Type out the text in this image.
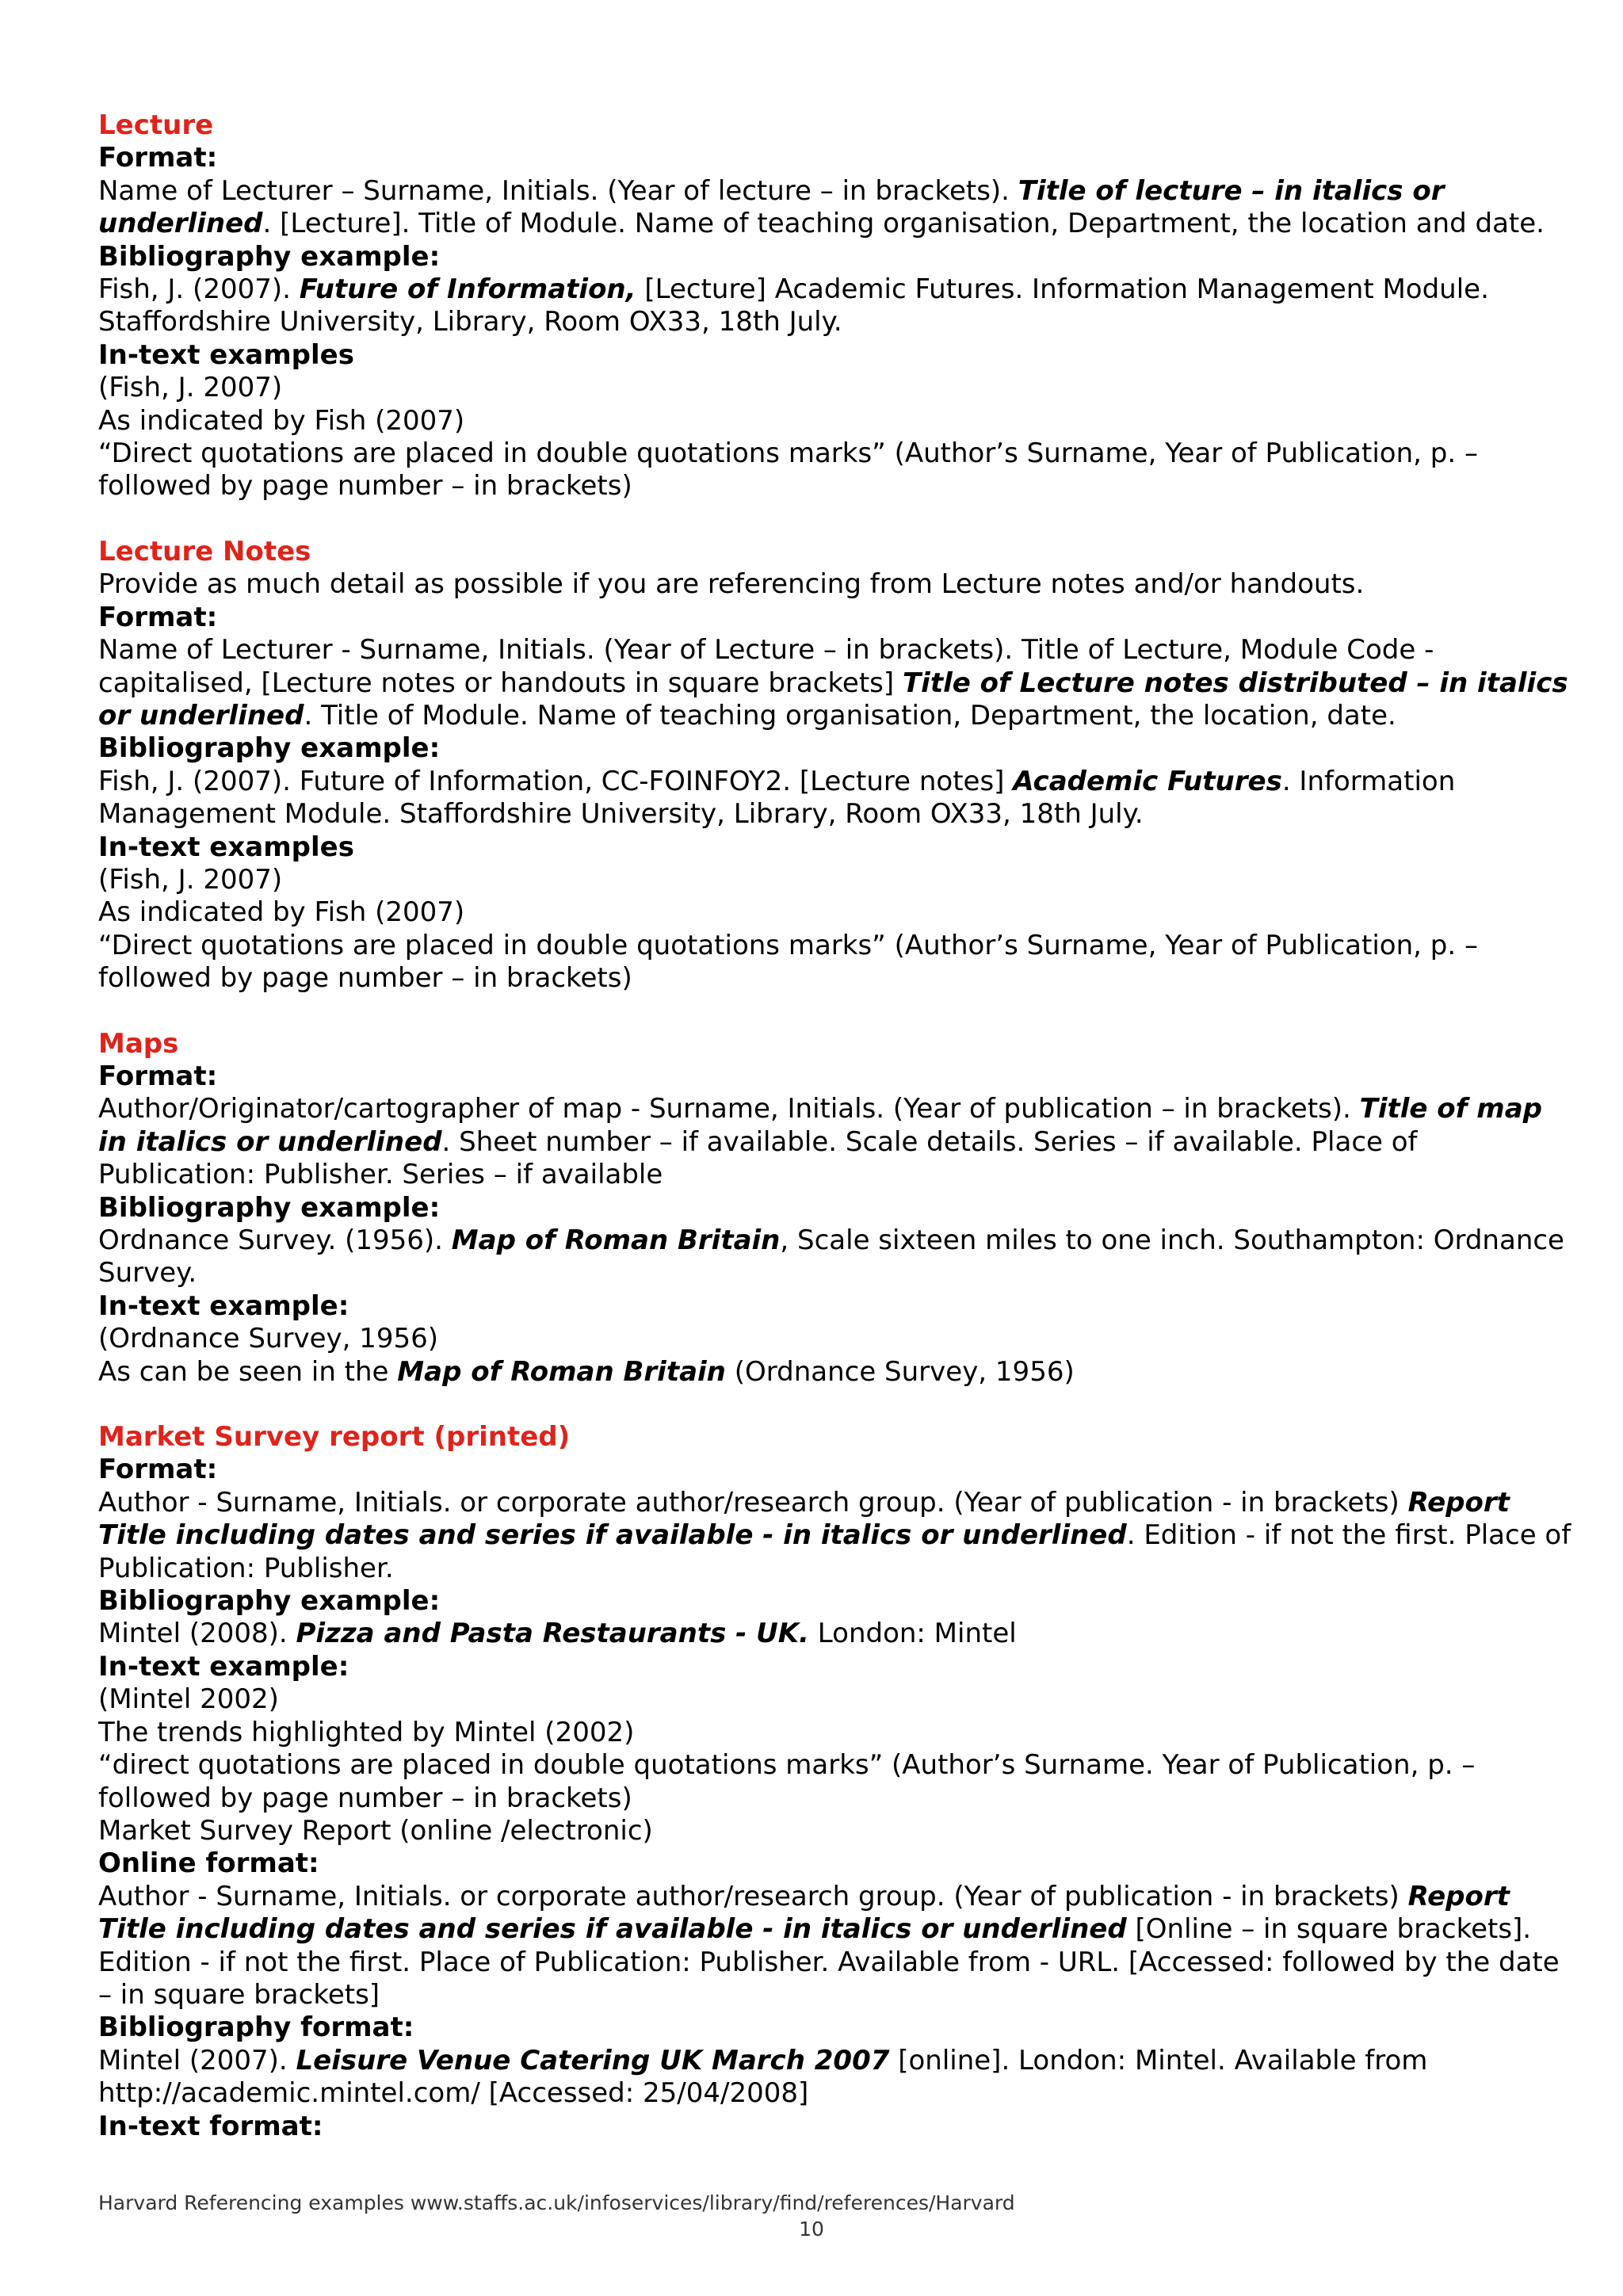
Lecture
Format:
Name of Lecturer – Surname, Initials. (Year of lecture – in brackets). Title of lecture – in italics or underlined. [Lecture]. Title of Module. Name of teaching organisation, Department, the location and date.
Bibliography example:
Fish, J. (2007). Future of Information, [Lecture] Academic Futures. Information Management Module. Staffordshire University, Library, Room OX33, 18th July.
In-text examples
(Fish, J. 2007)
As indicated by Fish (2007)
“Direct quotations are placed in double quotations marks” (Author’s Surname, Year of Publication, p. – followed by page number – in brackets)
Lecture Notes
Provide as much detail as possible if you are referencing from Lecture notes and/or handouts.
Format:
Name of Lecturer - Surname, Initials. (Year of Lecture – in brackets). Title of Lecture, Module Code - capitalised, [Lecture notes or handouts in square brackets] Title of Lecture notes distributed – in italics or underlined. Title of Module. Name of teaching organisation, Department, the location, date.
Bibliography example:
Fish, J. (2007). Future of Information, CC-FOINFOY2. [Lecture notes] Academic Futures. Information Management Module. Staffordshire University, Library, Room OX33, 18th July.
In-text examples
(Fish, J. 2007)
As indicated by Fish (2007)
“Direct quotations are placed in double quotations marks” (Author’s Surname, Year of Publication, p. – followed by page number – in brackets)
Maps
Format:
Author/Originator/cartographer of map - Surname, Initials. (Year of publication – in brackets). Title of map in italics or underlined. Sheet number – if available. Scale details. Series – if available. Place of Publication: Publisher. Series – if available
Bibliography example:
Ordnance Survey. (1956). Map of Roman Britain, Scale sixteen miles to one inch. Southampton: Ordnance Survey.
In-text example:
(Ordnance Survey, 1956)
As can be seen in the Map of Roman Britain (Ordnance Survey, 1956)
Market Survey report (printed)
Format:
Author - Surname, Initials. or corporate author/research group. (Year of publication - in brackets) Report Title including dates and series if available - in italics or underlined. Edition - if not the first. Place of Publication: Publisher.
Bibliography example:
Mintel (2008). Pizza and Pasta Restaurants - UK. London: Mintel
In-text example:
(Mintel 2002)
The trends highlighted by Mintel (2002)
“direct quotations are placed in double quotations marks” (Author’s Surname. Year of Publication, p. – followed by page number – in brackets)
Market Survey Report (online /electronic)
Online format:
Author - Surname, Initials. or corporate author/research group. (Year of publication - in brackets) Report Title including dates and series if available - in italics or underlined [Online – in square brackets]. Edition - if not the first. Place of Publication: Publisher. Available from - URL. [Accessed: followed by the date – in square brackets]
Bibliography format:
Mintel (2007). Leisure Venue Catering UK March 2007 [online]. London: Mintel. Available from http://academic.mintel.com/ [Accessed: 25/04/2008]
In-text format:
Harvard Referencing examples www.staffs.ac.uk/infoservices/library/find/references/Harvard
10
